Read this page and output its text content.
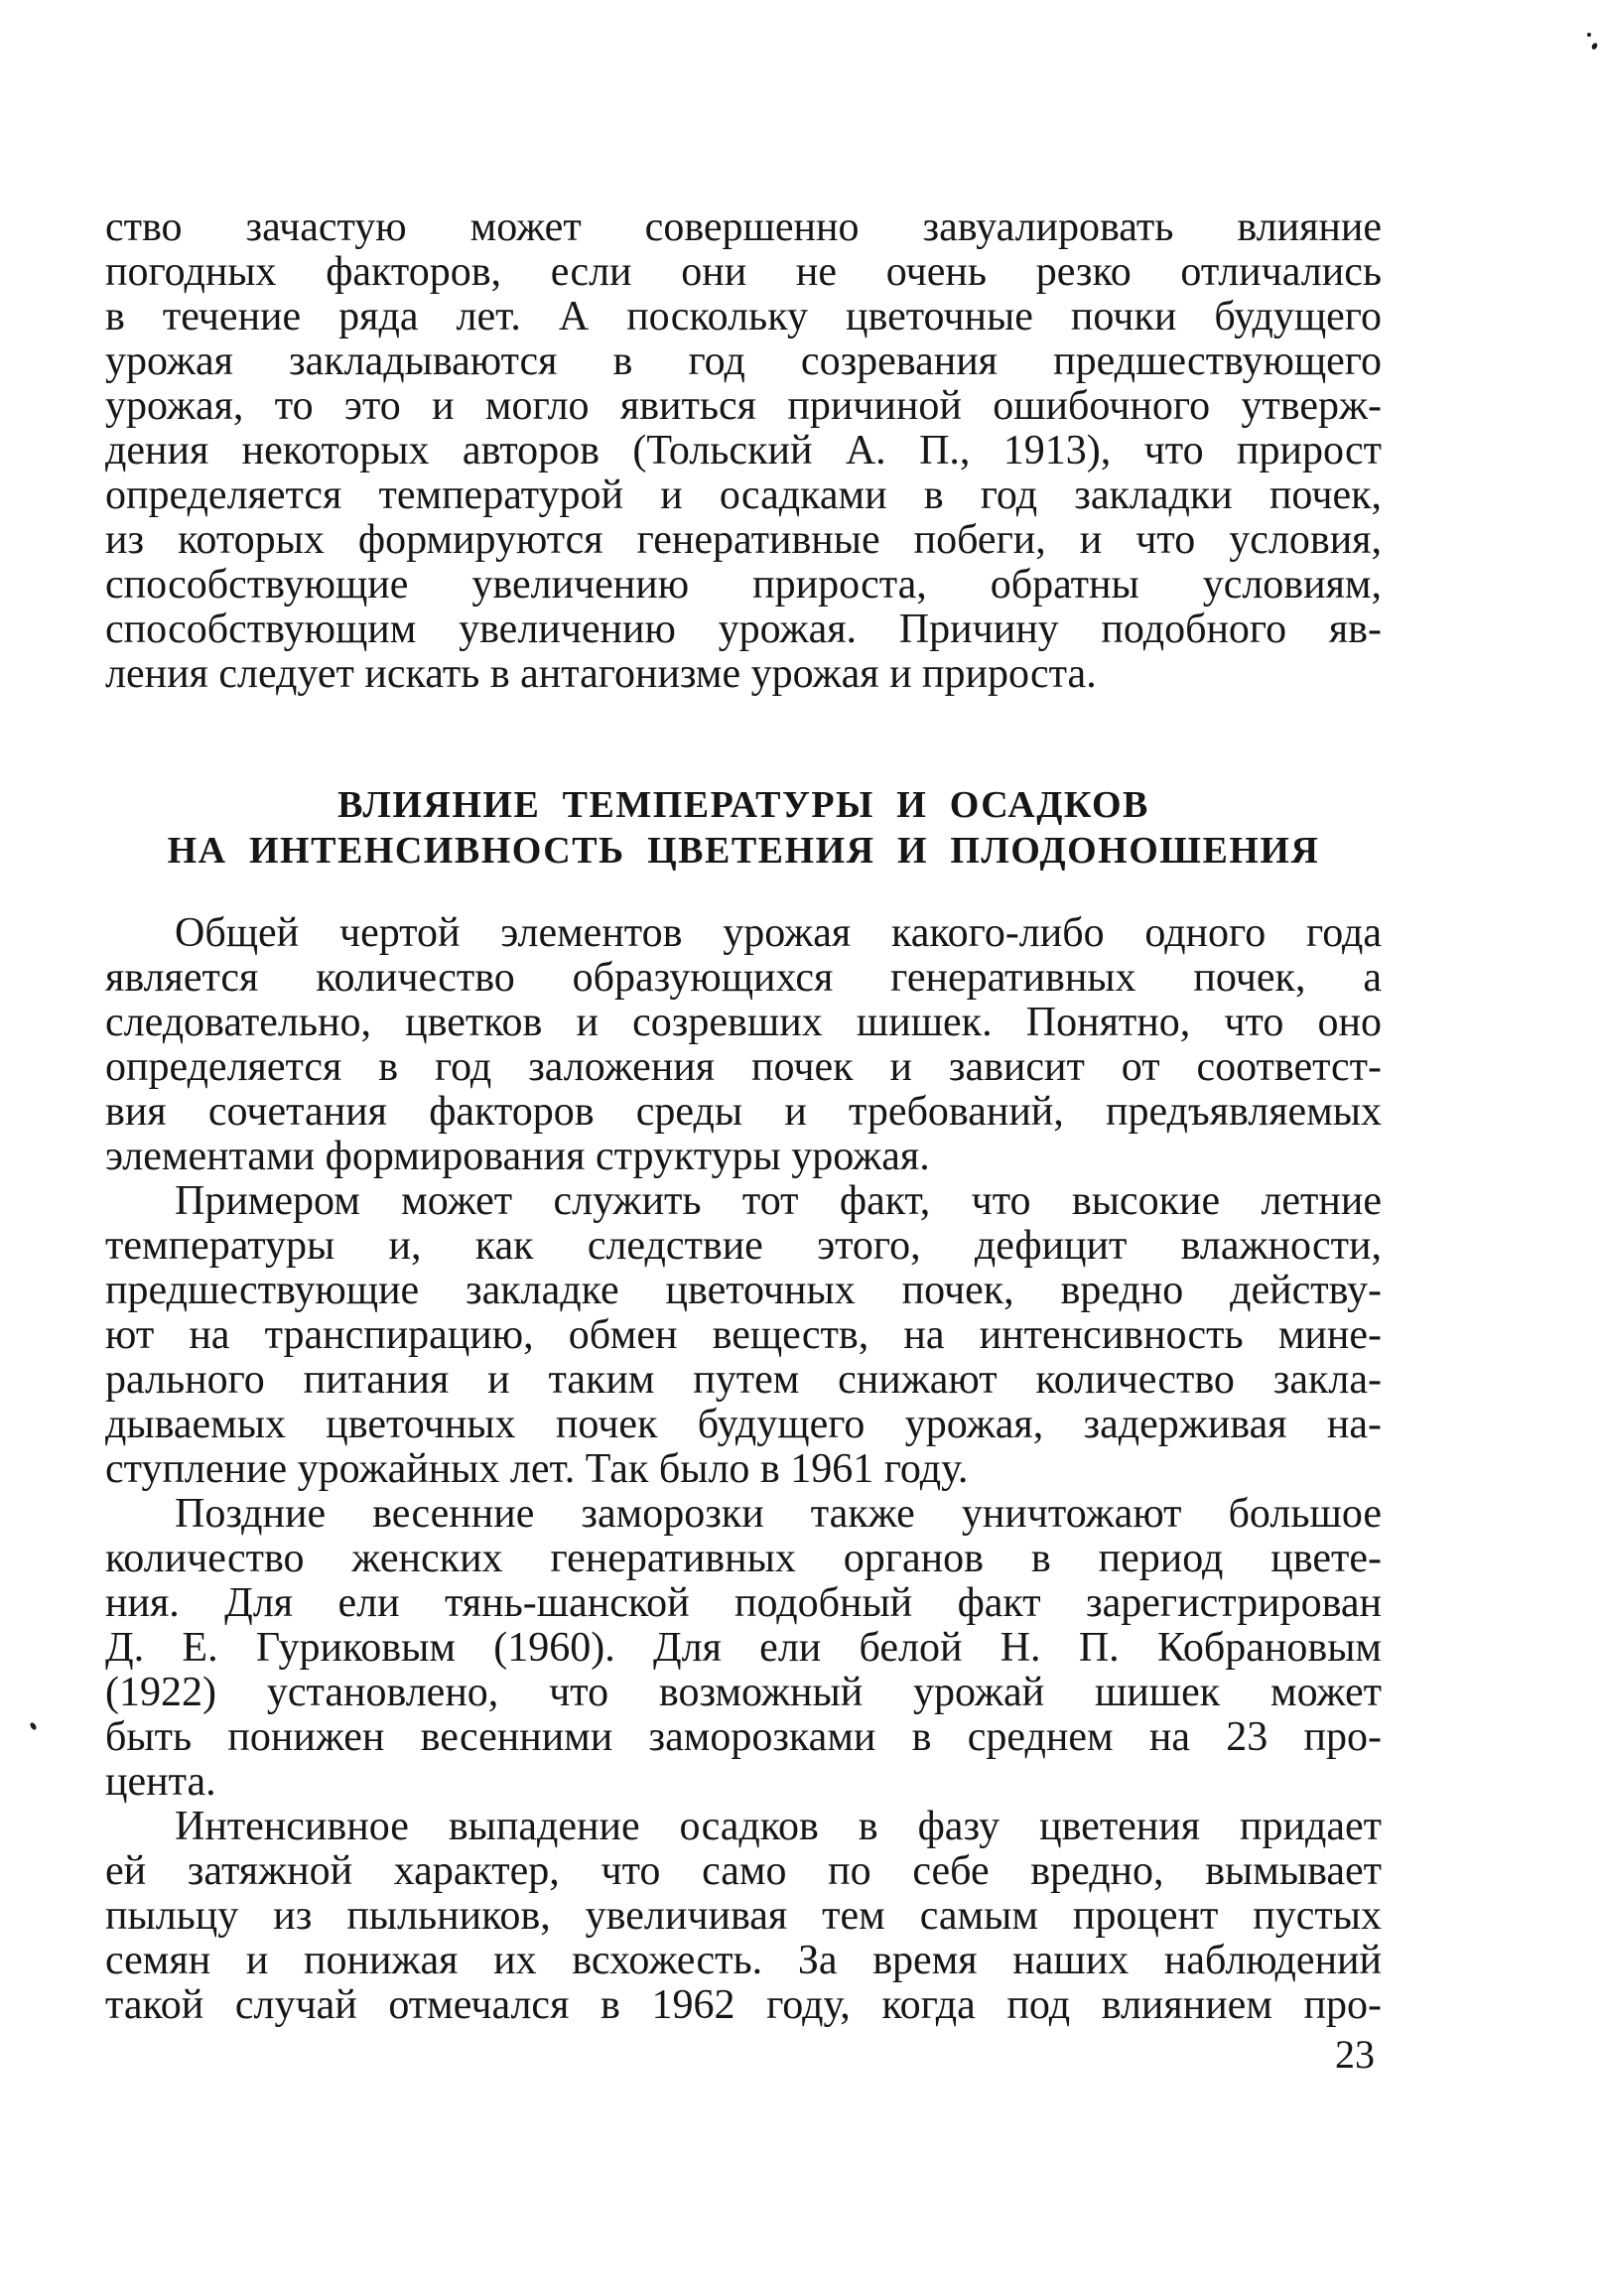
ство зачастую может совершенно завуалировать влияние
погодных факторов, если они не очень резко отличались
в течение ряда лет. А поскольку цветочные почки будущего
урожая закладываются в год созревания предшествующего
урожая, то это и могло явиться причиной ошибочного утверж-
дения некоторых авторов (Тольский А. П., 1913), что прирост
определяется температурой и осадками в год закладки почек,
из которых формируются генеративные побеги, и что условия,
способствующие увеличению прироста, обратны условиям,
способствующим увеличению урожая. Причину подобного яв-
ления следует искать в антагонизме урожая и прироста.
ВЛИЯНИЕ ТЕМПЕРАТУРЫ И ОСАДКОВ
НА ИНТЕНСИВНОСТЬ ЦВЕТЕНИЯ И ПЛОДОНОШЕНИЯ
Общей чертой элементов урожая какого-либо одного года
является количество образующихся генеративных почек, а
следовательно, цветков и созревших шишек. Понятно, что оно
определяется в год заложения почек и зависит от соответст-
вия сочетания факторов среды и требований, предъявляемых
элементами формирования структуры урожая.
Примером может служить тот факт, что высокие летние
температуры и, как следствие этого, дефицит влажности,
предшествующие закладке цветочных почек, вредно действу-
ют на транспирацию, обмен веществ, на интенсивность мине-
рального питания и таким путем снижают количество закла-
дываемых цветочных почек будущего урожая, задерживая на-
ступление урожайных лет. Так было в 1961 году.
Поздние весенние заморозки также уничтожают большое
количество женских генеративных органов в период цвете-
ния. Для ели тянь-шанской подобный факт зарегистрирован
Д. Е. Гуриковым (1960). Для ели белой Н. П. Кобрановым
(1922) установлено, что возможный урожай шишек может
быть понижен весенними заморозками в среднем на 23 про-
цента.
Интенсивное выпадение осадков в фазу цветения придает
ей затяжной характер, что само по себе вредно, вымывает
пыльцу из пыльников, увеличивая тем самым процент пустых
семян и понижая их всхожесть. За время наших наблюдений
такой случай отмечался в 1962 году, когда под влиянием про-
23
